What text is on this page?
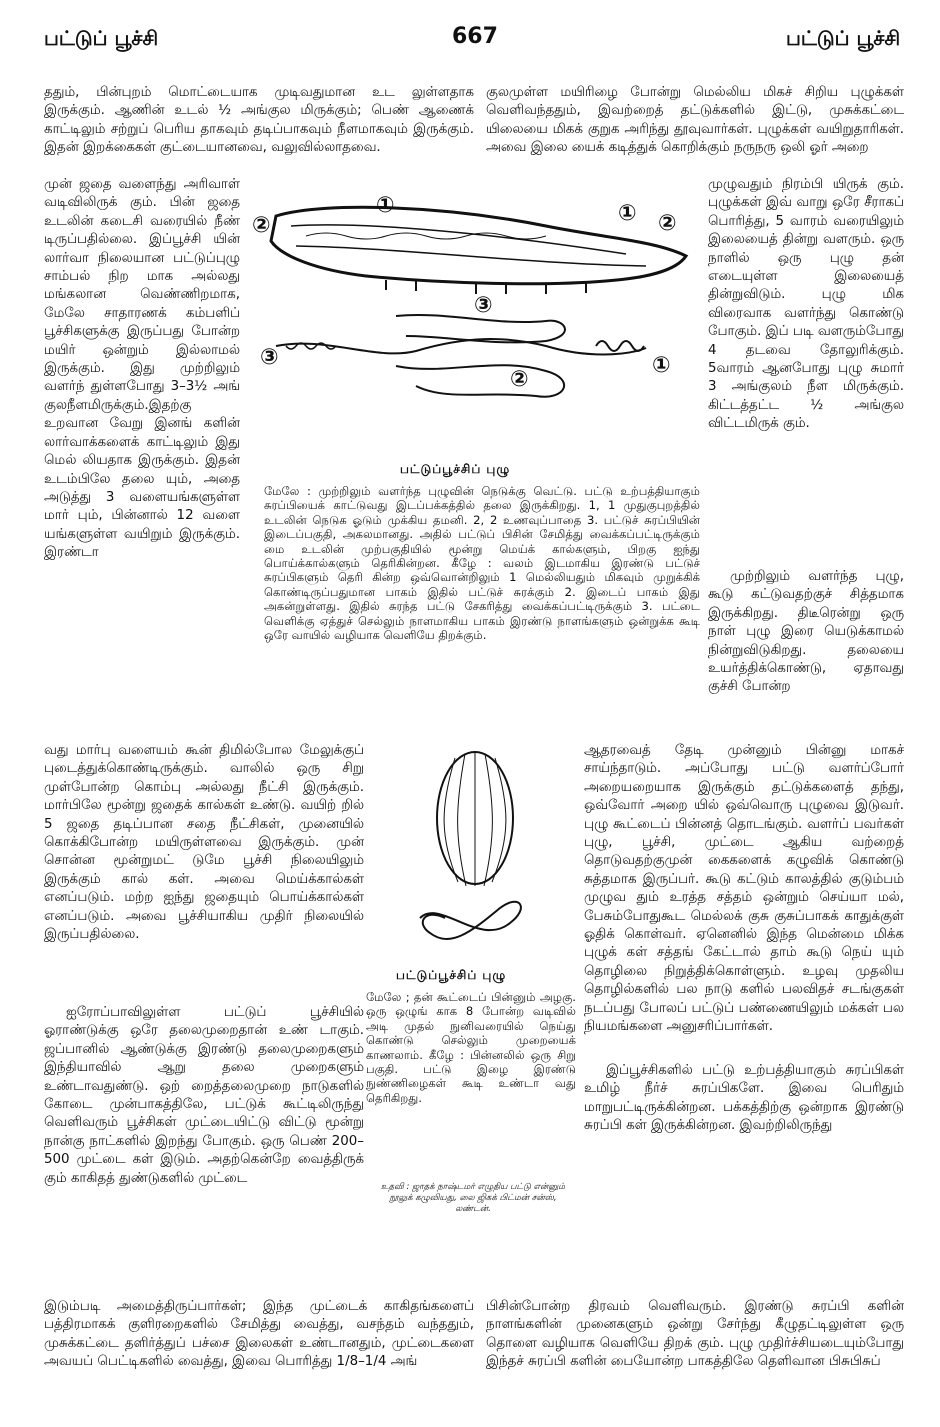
பட்டுப் பூச்சி	667	பட்டுப் பூச்சி

ததும், பின்புறம் மொட்டையாக முடிவதுமான உட லுள்ளதாக இருக்கும். ஆணின் உடல் ½ அங்குல மிருக்கும்; பெண் ஆணைக் காட்டிலும் சற்றுப் பெரிய தாகவும் தடிப்பாகவும் நீளமாகவும் இருக்கும். இதன் இறக்கைகள் குட்டையானவை, வலுவில்லாதவை.

முன் ஜதை வளைந்து அரிவாள் வடிவிலிருக் கும். பின் ஜதை உடலின் கடைசி வரையில் நீண் டிருப்பதில்லை. இப்பூச்சி யின் லார்வா நிலையான பட்டுப்புழு சாம்பல் நிற மாக அல்லது மங்கலான வெண்ணிறமாக, மேலே சாதாரணக் கம்பளிப் பூச்சிகளுக்கு இருப்பது போன்ற மயிர் ஒன்றும் இல்லாமல் இருக்கும். இது முற்றிலும் வளர்ந் துள்ளபோது 3–3½ அங் குலநீளமிருக்கும்.இதற்கு உறவான வேறு இனங் களின் லார்வாக்களைக் காட்டிலும் இது மெல் லியதாக இருக்கும். இதன் உடம்பிலே தலை யும், அதை அடுத்து 3 வளையங்களுள்ள மார் பும், பின்னால் 12 வளை யங்களுள்ள வயிறும் இருக்கும். இரண்டா

வது மார்பு வளையம் கூன் திமில்போல மேலுக்குப் புடைத்துக்கொண்டிருக்கும். வாலில் ஒரு சிறு முள்போன்ற கொம்பு அல்லது நீட்சி இருக்கும். மார்பிலே மூன்று ஜதைக் கால்கள் உண்டு. வயிற் றில் 5 ஜதை தடிப்பான சதை நீட்சிகள், முனையில் கொக்கிபோன்ற மயிருள்ளவை இருக்கும். முன் சொன்ன மூன்றுமட் டுமே பூச்சி நிலையிலும் இருக்கும் கால் கள். அவை மெய்க்கால்கள் எனப்படும். மற்ற ஐந்து ஜதையும் பொய்க்கால்கள் எனப்படும். அவை பூச்சியாகிய முதிர் நிலையில் இருப்பதில்லை.

ஐரோப்பாவிலுள்ள பட்டுப் பூச்சியில் ஓராண்டுக்கு ஒரே தலைமுறைதான் உண் டாகும். ஜப்பானில் ஆண்டுக்கு இரண்டு தலைமுறைகளும் இந்தியாவில் ஆறு தலை முறைகளும் உண்டாவதுண்டு. ஒற் றைத்தலைமுறை நாடுகளில் கோடை முன்பாகத்திலே, பட்டுக் கூட்டிலிருந்து வெளிவரும் பூச்சிகள் முட்டையிட்டு விட்டு மூன்று நான்கு நாட்களில் இறந்து போகும். ஒரு பெண் 200–500 முட்டை கள் இடும். அதற்கென்றே வைத்திருக் கும் காகிதத் துண்டுகளில் முட்டை

இடும்படி அமைத்திருப்பார்கள்; இந்த முட்டைக் காகிதங்களைப் பத்திரமாகக் குளிரறைகளில் சேமித்து வைத்து, வசந்தம் வந்ததும், முசுக்கட்டை தளிர்த்துப் பச்சை இலைகள் உண்டானதும், முட்டைகளை அவயப் பெட்டிகளில் வைத்து, இவை பொரித்து 1/8–1/4 அங்

குலமுள்ள மயிரிழை போன்று மெல்லிய மிகச் சிறிய புழுக்கள் வெளிவந்ததும், இவற்றைத் தட்டுக்களில் இட்டு, முசுக்கட்டை யிலையை மிகக் குறுக அரிந்து தூவுவார்கள். புழுக்கள் வயிறுதாரிகள். அவை இலை யைக் கடித்துக் கொறிக்கும் நருநரு ஒலி ஓர் அறை

முழுவதும் நிரம்பி யிருக் கும். புழுக்கள் இவ் வாறு ஒரே சீராகப் பொரித்து, 5 வாரம் வரையிலும் இலையைத் தின்று வளரும். ஒரு நாளில் ஒரு புழு தன் எடையுள்ள இலையைத் தின்றுவிடும். புழு மிக விரைவாக வளர்ந்து கொண்டு போகும். இப் படி வளரும்போது 4 தடவை தோலுரிக்கும். 5வாரம் ஆனபோது புழு சுமார் 3 அங்குலம் நீள மிருக்கும். கிட்டத்தட்ட ½ அங்குல விட்டமிருக் கும்.

முற்றிலும் வளர்ந்த புழு, கூடு கட்டுவதற்குச் சித்தமாக இருக்கிறது. திடீரென்று ஒரு நாள் புழு இரை யெடுக்காமல் நின்றுவிடுகிறது. தலையை உயர்த்திக்கொண்டு, ஏதாவது குச்சி போன்ற

ஆதரவைத் தேடி முன்னும் பின்னு மாகச் சாய்ந்தாடும். அப்போது பட்டு வளர்ப்போர் அறையறையாக இருக்கும் தட்டுக்களைத் தந்து, ஒவ்வோர் அறை யில் ஒவ்வொரு புழுவை இடுவர். புழு கூட்டைப் பின்னத் தொடங்கும். வளர்ப் பவர்கள் புழு, பூச்சி, முட்டை ஆகிய வற்றைத் தொடுவதற்குமுன் கைகளைக் கழுவிக் கொண்டு சுத்தமாக இருப்பர். கூடு கட்டும் காலத்தில் குடும்பம் முழுவ தும் உரத்த சத்தம் ஒன்றும் செய்யா மல், பேசும்போதுகூட மெல்லக் குசு குசுப்பாகக் காதுக்குள் ஓதிக் கொள்வர். ஏனெனில் இந்த மென்மை மிக்க புழுக் கள் சத்தங் கேட்டால் தாம் கூடு நெய் யும் தொழிலை நிறுத்திக்கொள்ளும். உழவு முதலிய தொழில்களில் பல நாடு களில் பலவிதச் சடங்குகள் நடப்பது போலப் பட்டுப் பண்ணையிலும் மக்கள் பல நியமங்களை அனுசரிப்பார்கள்.

இப்பூச்சிகளில் பட்டு உற்பத்தியாகும் சுரப்பிகள் உமிழ் நீர்ச் சுரப்பிகளே. இவை பெரிதும் மாறுபட்டிருக்கின்றன. பக்கத்திற்கு ஒன்றாக இரண்டு சுரப்பி கள் இருக்கின்றன. இவற்றிலிருந்து

பிசின்போன்ற திரவம் வெளிவரும். இரண்டு சுரப்பி களின் நாளங்களின் முனைகளும் ஒன்று சேர்ந்து கீழுதட்டிலுள்ள ஒரு தொளை வழியாக வெளியே திறக் கும். புழு முதிர்ச்சியடையும்போது இந்தச் சுரப்பி களின் பையோன்ற பாகத்திலே தெளிவான பிசுபிசுப்

①
②
③
① ②
②
③	①
பட்டுப்பூச்சிப் புழு
மேலே : முற்றிலும் வளர்ந்த புழுவின் நெடுக்கு வெட்டு. பட்டு உற்பத்தியாகும் சுரப்பியைக் காட்டுவது இடப்பக்கத்தில் தலை இருக்கிறது. 1, 1 முதுகுபுறத்தில் உடலின் நெடுக ஓடும் முக்கிய தமனி. 2, 2 உணவுப்பாதை 3. பட்டுச் சுரப்பியின் இடைப்பகுதி, அகலமானது. அதில் பட்டுப் பிசின் சேமித்து வைக்கப்பட்டிருக்கும் மை உடலின் முற்பகுதியில் மூன்று மெய்க் கால்களும், பிறகு ஐந்து பொய்க்கால்களும் தெரிகின்றன. கீழே : வலம் இடமாகிய இரண்டு பட்டுச் சுரப்பிகளும் தெரி கின்ற ஒவ்வொன்றிலும் 1 மெல்லியதும் மிகவும் முறுக்கிக் கொண்டிருப்பதுமான பாகம் இதில் பட்டுச் சுரக்கும் 2. இடைப் பாகம் இது அகன்றுள்ளது. இதில் சுரந்த பட்டு சேகரித்து வைக்கப்பட்டிருக்கும் 3. பட்டை வெளிக்கு ஏத்துச் செல்லும் நாளமாகிய பாகம் இரண்டு நாளங்களும் ஒன்றுக்க கூடி ஒரே வாயில் வழியாக வெளியே திறக்கும்.
பட்டுப்பூச்சிப் புழு
மேலே ; தன் கூட்டைப் பின்னும் அழகு. ஒரு ஒழுங் காக 8 போன்ற வடிவில் அடி முதல் நுனிவரையில் நெய்து கொண்டு செல்லும் முறையைக் காணலாம். கீழே : பின்னலில் ஒரு சிறு பகுதி. பட்டு இழை இரண்டு நுண்ணிழைகள் கூடி உண்டா வது தெரிகிறது.
உதவி : ஜாதக் நாஷ்டமர் எழுதிய பட்டு என்னும் நூலுக் கழுவியது, லை ஜிகக் பிட்மன் சன்ஸ், லண்டன்.
